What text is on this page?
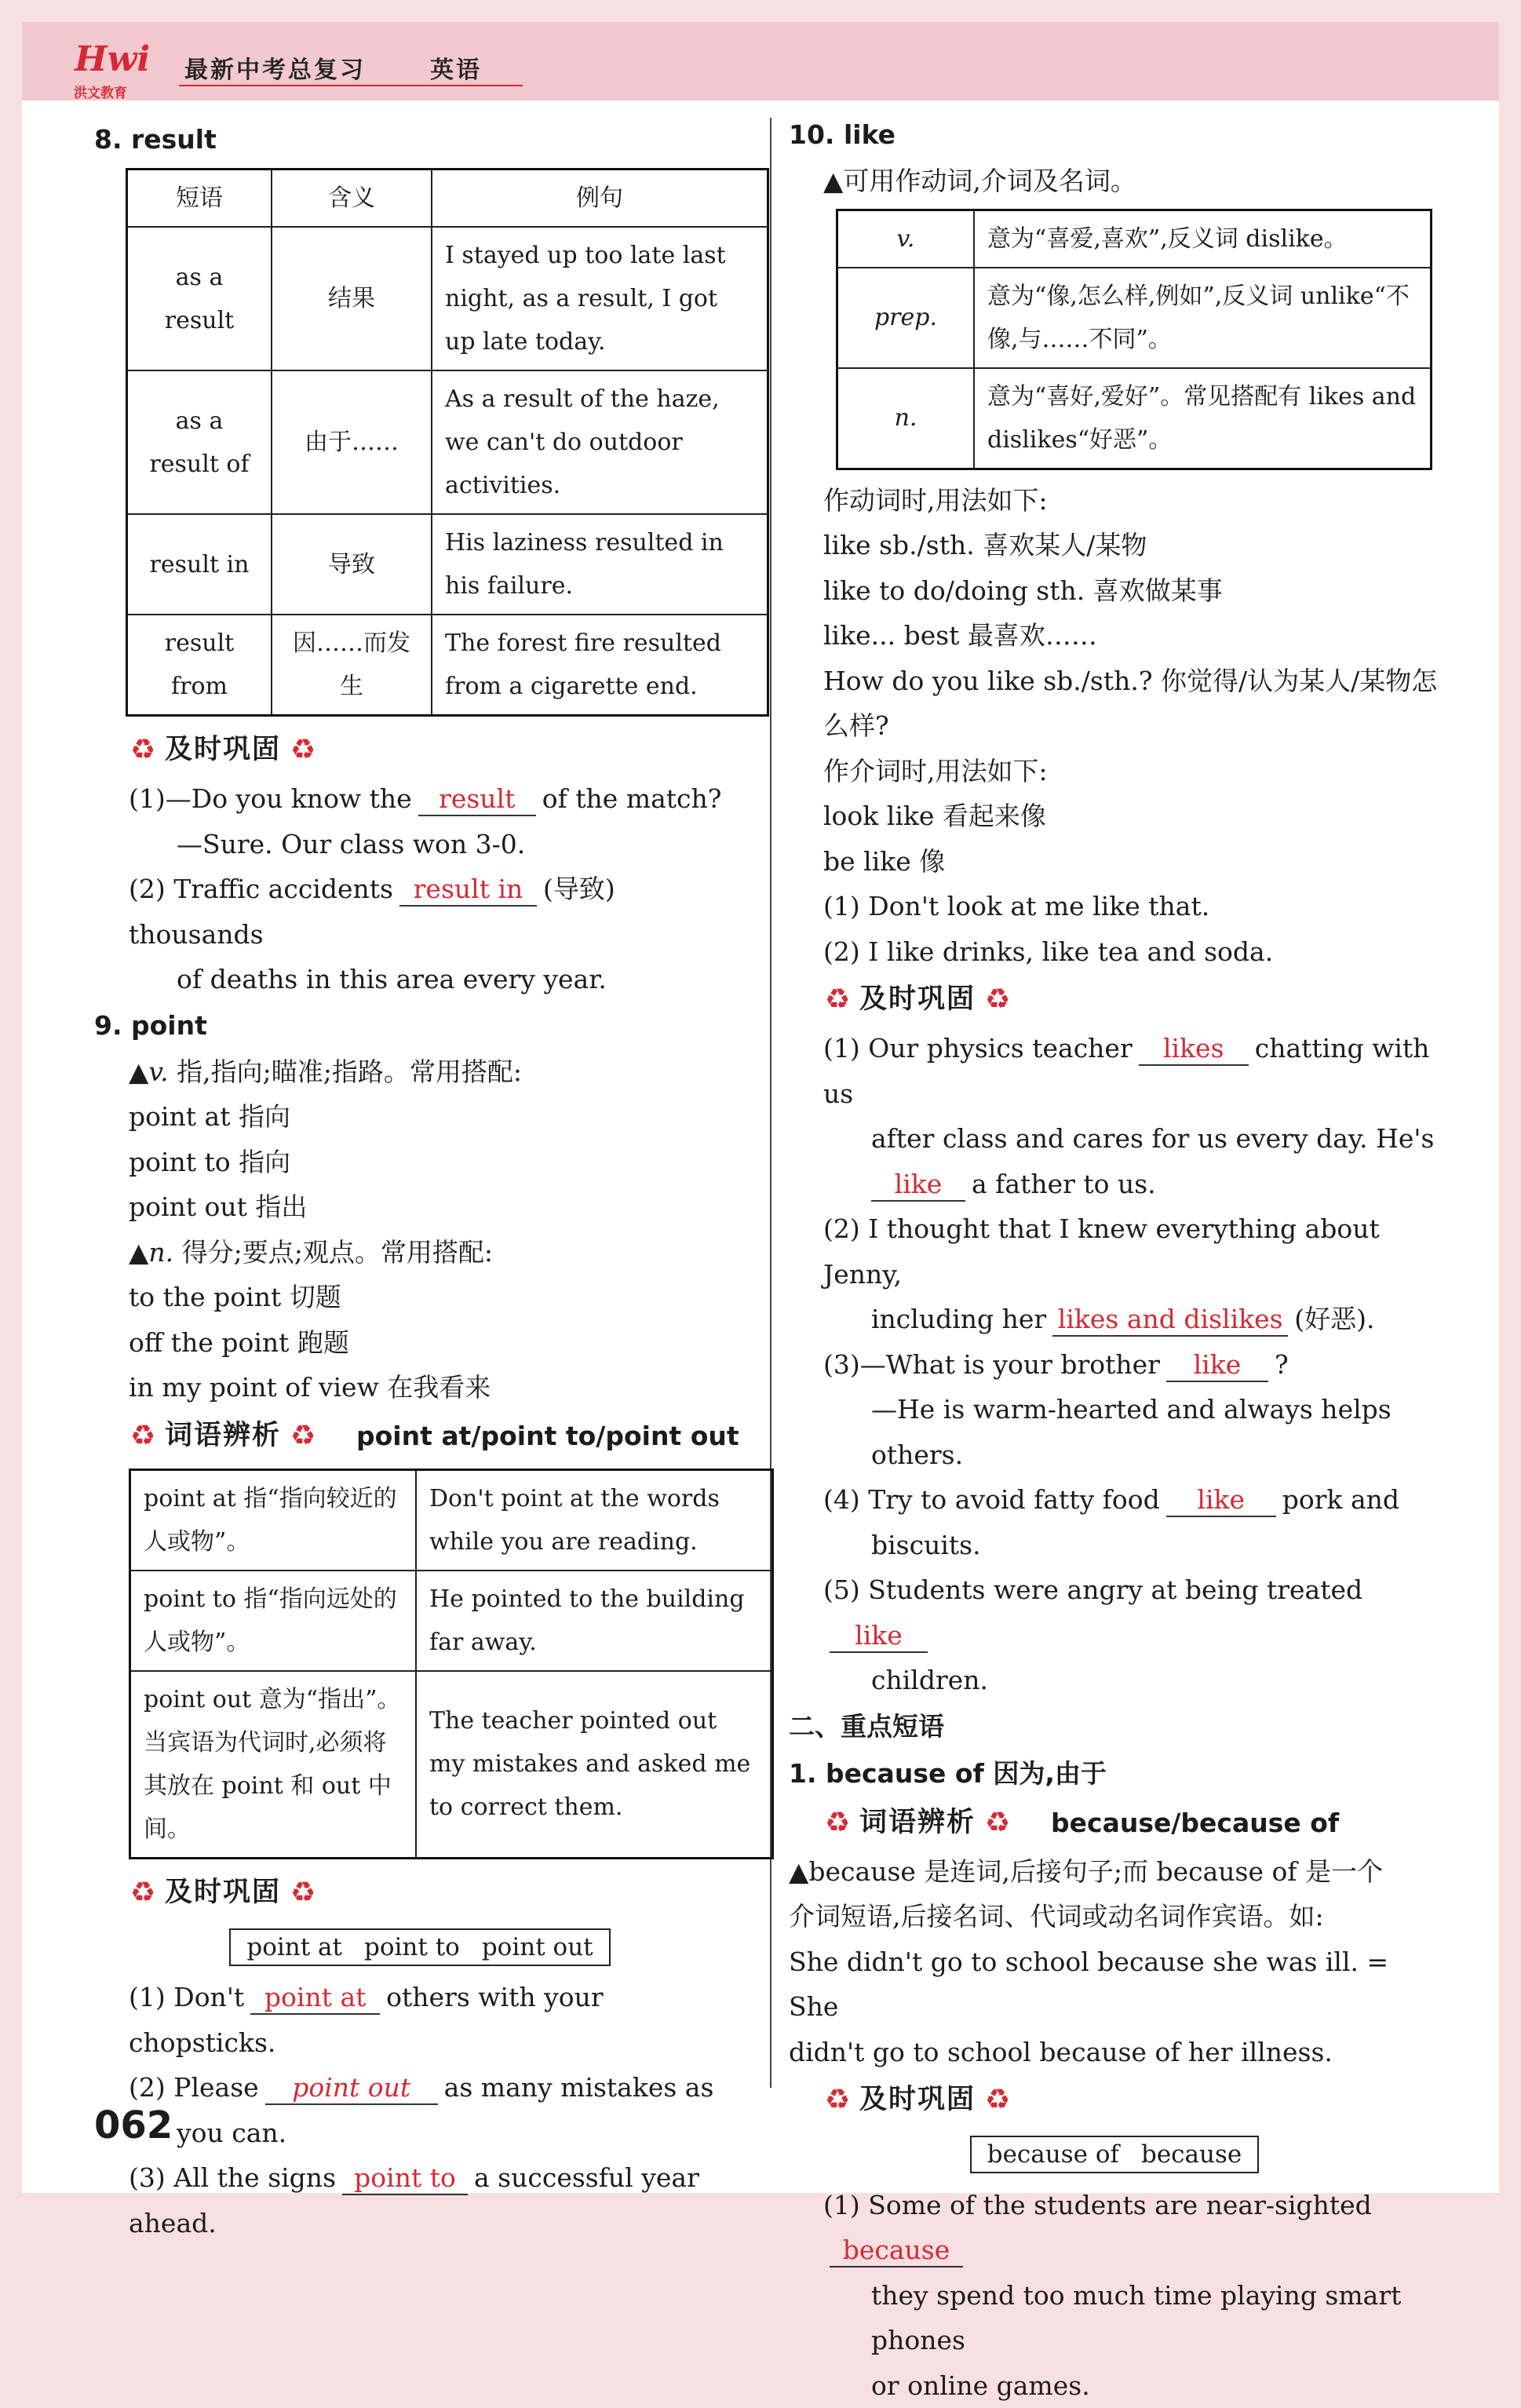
Hwi
洪文教育
最新中考总复习	英语
8. result
短语	含义	例句
as a result	结果	I stayed up too late last night, as a result, I got up late today.
as a result of	由于……	As a result of the haze, we can't do outdoor activities.
result in	导致	His laziness resulted in his failure.
result from	因……而发生	The forest fire resulted from a cigarette end.
♻ 及时巩固 ♻
(1)—Do you know the result of the match?
—Sure. Our class won 3-0.
(2) Traffic accidents result in (导致) thousands
of deaths in this area every year.
9. point
▲v. 指,指向;瞄准;指路。常用搭配:
point at 指向
point to 指向
point out 指出
▲n. 得分;要点;观点。常用搭配:
to the point 切题
off the point 跑题
in my point of view 在我看来
♻ 词语辨析 ♻ point at/point to/point out
point at 指“指向较近的人或物”。	Don't point at the words while you are reading.
point to 指“指向远处的人或物”。	He pointed to the building far away.
point out 意为“指出”。当宾语为代词时,必须将其放在 point 和 out 中间。	The teacher pointed out my mistakes and asked me to correct them.
♻ 及时巩固 ♻
point at point to point out
(1) Don't point at others with your chopsticks.
(2) Please point out as many mistakes as
you can.
(3) All the signs point to a successful year ahead.
10. like
▲可用作动词,介词及名词。
v.	意为“喜爱,喜欢”,反义词 dislike。
prep.	意为“像,怎么样,例如”,反义词 unlike“不像,与……不同”。
n.	意为“喜好,爱好”。常见搭配有 likes and dislikes“好恶”。
作动词时,用法如下:
like sb./sth. 喜欢某人/某物
like to do/doing sth. 喜欢做某事
like... best 最喜欢……
How do you like sb./sth.? 你觉得/认为某人/某物怎么样?
作介词时,用法如下:
look like 看起来像
be like 像
(1) Don't look at me like that.
(2) I like drinks, like tea and soda.
♻ 及时巩固 ♻
(1) Our physics teacher likes chatting with us
after class and cares for us every day. He's
like a father to us.
(2) I thought that I knew everything about Jenny,
including her likes and dislikes (好恶).
(3)—What is your brother like ?
—He is warm-hearted and always helps others.
(4) Try to avoid fatty food like pork and
biscuits.
(5) Students were angry at being treatedlike
children.
二、重点短语
1. because of 因为,由于
♻ 词语辨析 ♻ because/because of
▲because 是连词,后接句子;而 because of 是一个
介词短语,后接名词、代词或动名词作宾语。如:
She didn't go to school because she was ill. = She
didn't go to school because of her illness.
♻ 及时巩固 ♻
because of because
(1) Some of the students are near-sightedbecause
they spend too much time playing smart phones
or online games.
062
